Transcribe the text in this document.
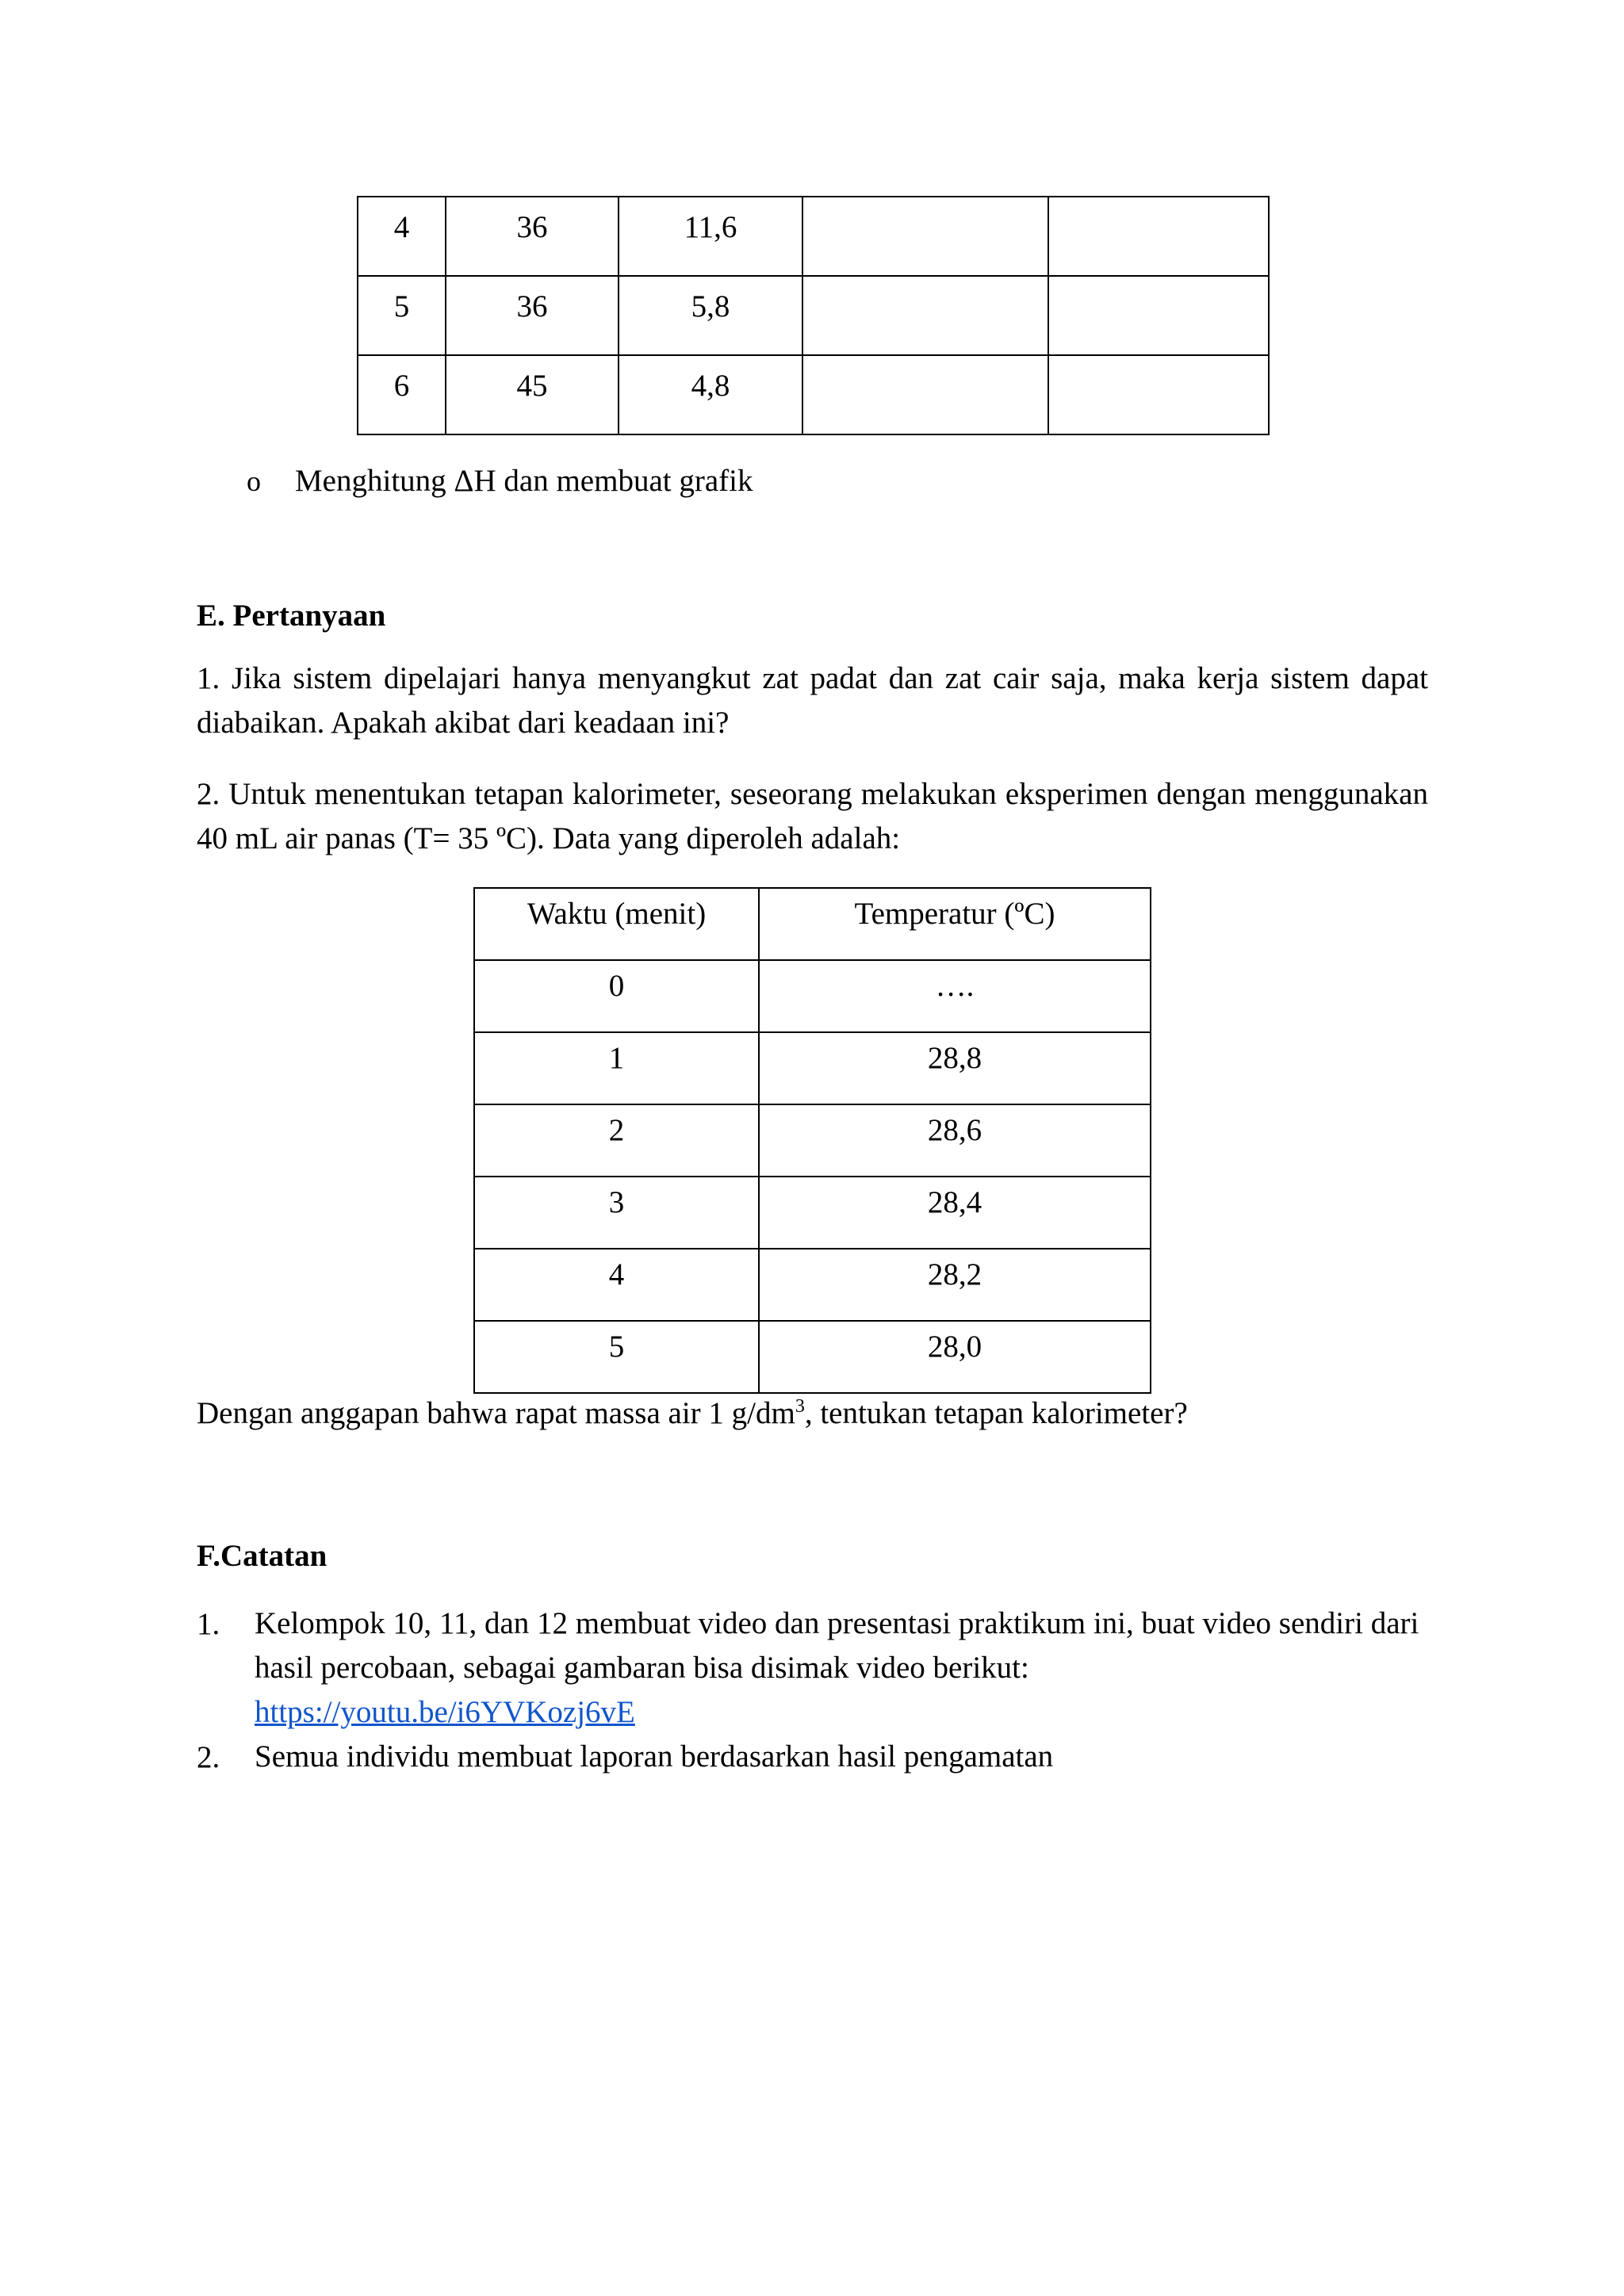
4	36	11,6		
5	36	5,8		
6	45	4,8		
o Menghitung ΔH dan membuat grafik
E. Pertanyaan
1. Jika sistem dipelajari hanya menyangkut zat padat dan zat cair saja, maka kerja sistem dapat diabaikan. Apakah akibat dari keadaan ini?
2. Untuk menentukan tetapan kalorimeter, seseorang melakukan eksperimen dengan menggunakan 40 mL air panas (T= 35 ºC). Data yang diperoleh adalah:
Waktu (menit)	Temperatur (ºC)
0	….
1	28,8
2	28,6
3	28,4
4	28,2
5	28,0
Dengan anggapan bahwa rapat massa air 1 $g/dm^3$, tentukan tetapan kalorimeter?
F.Catatan
1. Kelompok 10, 11, dan 12 membuat video dan presentasi praktikum ini, buat video sendiri dari hasil percobaan, sebagai gambaran bisa disimak video berikut:
https://youtu.be/i6YVKozj6vE
2. Semua individu membuat laporan berdasarkan hasil pengamatan
